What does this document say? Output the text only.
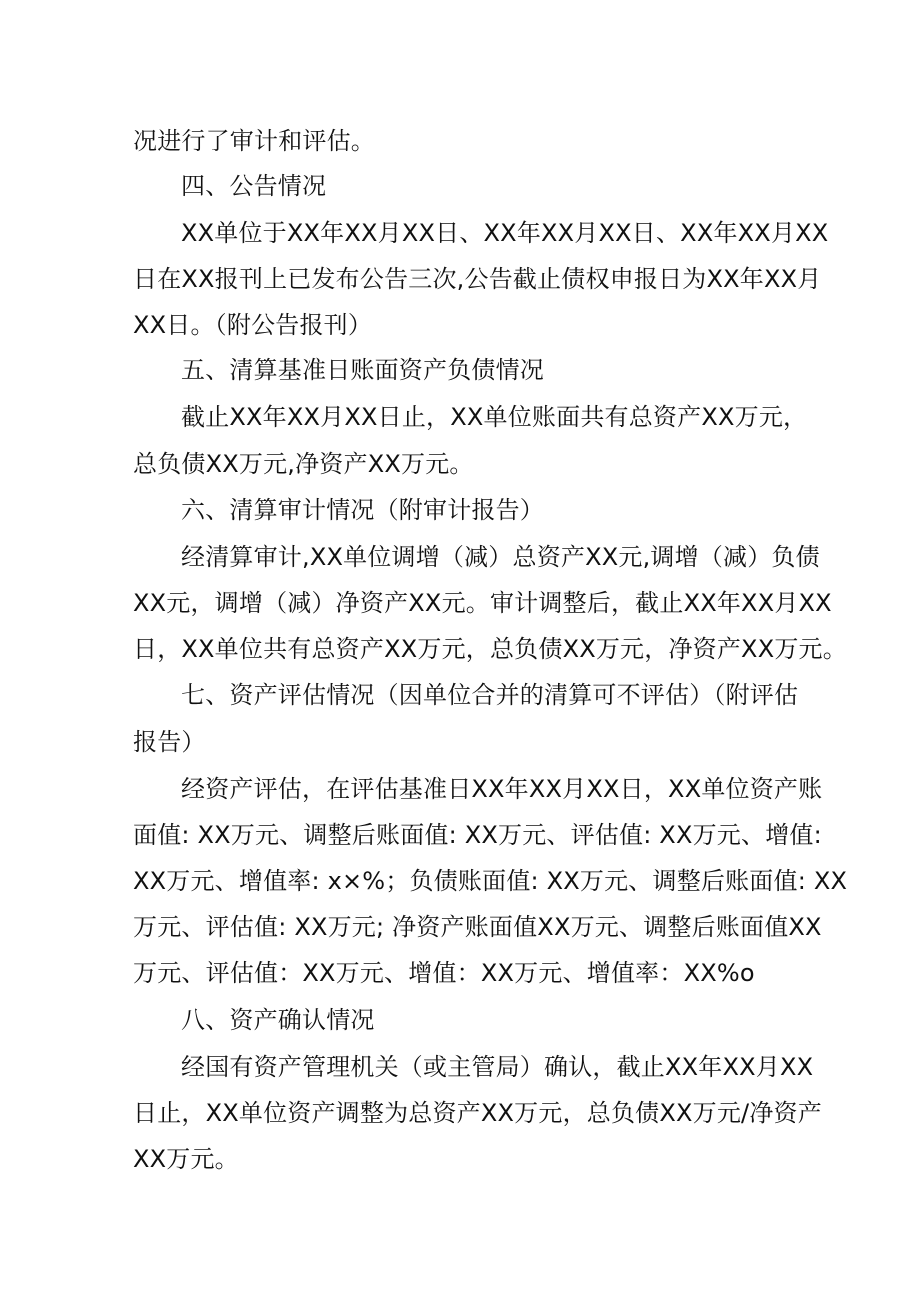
况进行了审计和评估。
四、公告情况
XX单位于XX年XX月XX日、XX年XX月XX日、XX年XX月XX
日在XX报刊上已发布公告三次,公告截止债权申报日为XX年XX月
XX日。（附公告报刊）
五、清算基准日账面资产负债情况
截止XX年XX月XX日止，XX单位账面共有总资产XX万元，
总负债XX万元,净资产XX万元。
六、清算审计情况（附审计报告）
经清算审计,XX单位调增（减）总资产XX元,调增（减）负债
XX元，调增（减）净资产XX元。审计调整后，截止XX年XX月XX
日，XX单位共有总资产XX万元，总负债XX万元，净资产XX万元。
七、资产评估情况（因单位合并的清算可不评估）（附评估
报告）
经资产评估，在评估基准日XX年XX月XX日，XX单位资产账
面值: XX万元、调整后账面值: XX万元、评估值: XX万元、增值:
XX万元、增值率: x×%；负债账面值: XX万元、调整后账面值: XX
万元、评估值: XX万元; 净资产账面值XX万元、调整后账面值XX
万元、评估值：XX万元、增值：XX万元、增值率：XX%o
八、资产确认情况
经国有资产管理机关（或主管局）确认，截止XX年XX月XX
日止，XX单位资产调整为总资产XX万元，总负债XX万元/净资产
XX万元。
